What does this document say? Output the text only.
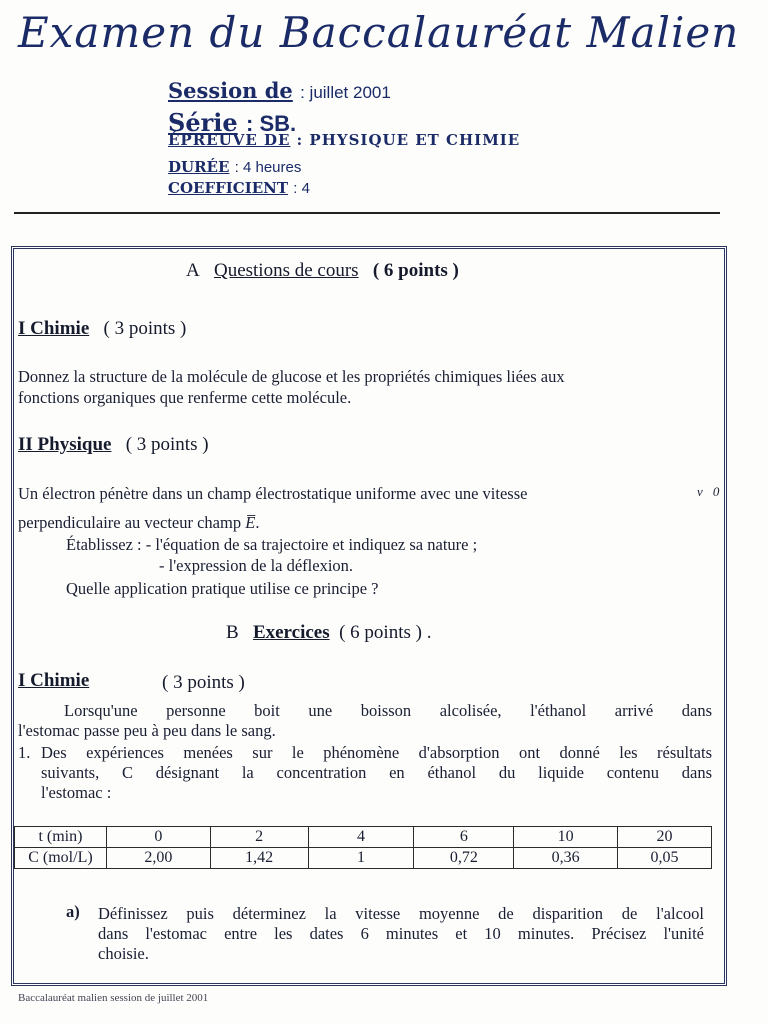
Examen du Baccalauréat Malien
Session de : juillet 2001
Série : SB.
ÉPREUVE DE : PHYSIQUE ET CHIMIE
DURÉE : 4 heures
COEFFICIENT : 4
A Questions de cours ( 6 points )
I Chimie ( 3 points )
Donnez la structure de la molécule de glucose et les propriétés chimiques liées aux
fonctions organiques que renferme cette molécule.
II Physique ( 3 points )
Un électron pénètre dans un champ électrostatique uniforme avec une vitesse	v⃗0
perpendiculaire au vecteur champ E̅.
Établissez : - l'équation de sa trajectoire et indiquez sa nature ;
- l'expression de la déflexion.
Quelle application pratique utilise ce principe ?
B Exercices ( 6 points ) .
I Chimie	( 3 points )
Lorsqu'une personne boit une boisson alcolisée, l'éthanol arrivé dans
l'estomac passe peu à peu dans le sang.
1. Des expériences menées sur le phénomène d'absorption ont donné les résultats
suivants, C désignant la concentration en éthanol du liquide contenu dans
l'estomac :
t (min)	0	2	4	6	10	20
C (mol/L)	2,00	1,42	1	0,72	0,36	0,05
a) Définissez puis déterminez la vitesse moyenne de disparition de l'alcool
dans l'estomac entre les dates 6 minutes et 10 minutes. Précisez l'unité
choisie.
Baccalauréat malien session de juillet 2001
